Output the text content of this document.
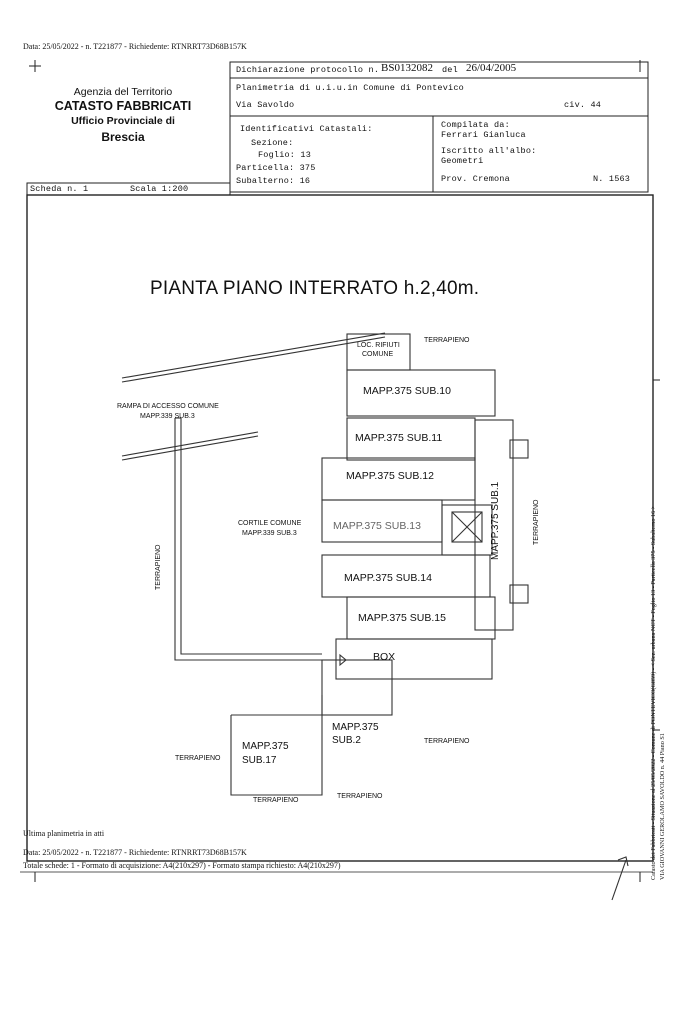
Data: 25/05/2022 - n. T221877 - Richiedente: RTNRRT73D68B157K
Agenzia del Territorio
CATASTO FABBRICATI
Ufficio Provinciale di
Brescia
Dichiarazione protocollo n. BS0132082 del 26/04/2005
Planimetria di u.i.u.in Comune di Pontevico
Via Savoldo	civ. 44
Identificativi Catastali:
Sezione:
Foglio: 13
Particella: 375
Subalterno: 16
Compilata da:
Ferrari Gianluca
Iscritto all'albo:
Geometri
Prov. Cremona	N. 1563
Scheda n. 1	Scala 1:200
PIANTA PIANO INTERRATO h.2,40m.
RAMPA DI ACCESSO COMUNE
MAPP.339 SUB.3
LOC. RIFIUTI
COMUNE
TERRAPIENO
MAPP.375 SUB.10
MAPP.375 SUB.11
MAPP.375 SUB.12
MAPP.375 SUB.13
MAPP.375 SUB.14
MAPP.375 SUB.15
BOX
MAPP.375 SUB.1	TERRAPIENO
TERRAPIENO
CORTILE COMUNE
MAPP.339 SUB.3
MAPP.375
SUB.2
MAPP.375
SUB.17
TERRAPIENO
TERRAPIENO
TERRAPIENO
TERRAPIENO	Catasto dei Fabbricati - Situazione al 25/05/2022 - Comune di PONTEVICO(G859) - < Sez. urbana NCT - Foglio 13 - Particella 375 - Subalterno 16 > VIA GIOVANNI GEROLAMO SAVOLDO n. 44 Piano S1
Ultima planimetria in atti
Data: 25/05/2022 - n. T221877 - Richiedente: RTNRRT73D68B157K
Totale schede: 1 - Formato di acquisizione: A4(210x297) - Formato stampa richiesto: A4(210x297)
